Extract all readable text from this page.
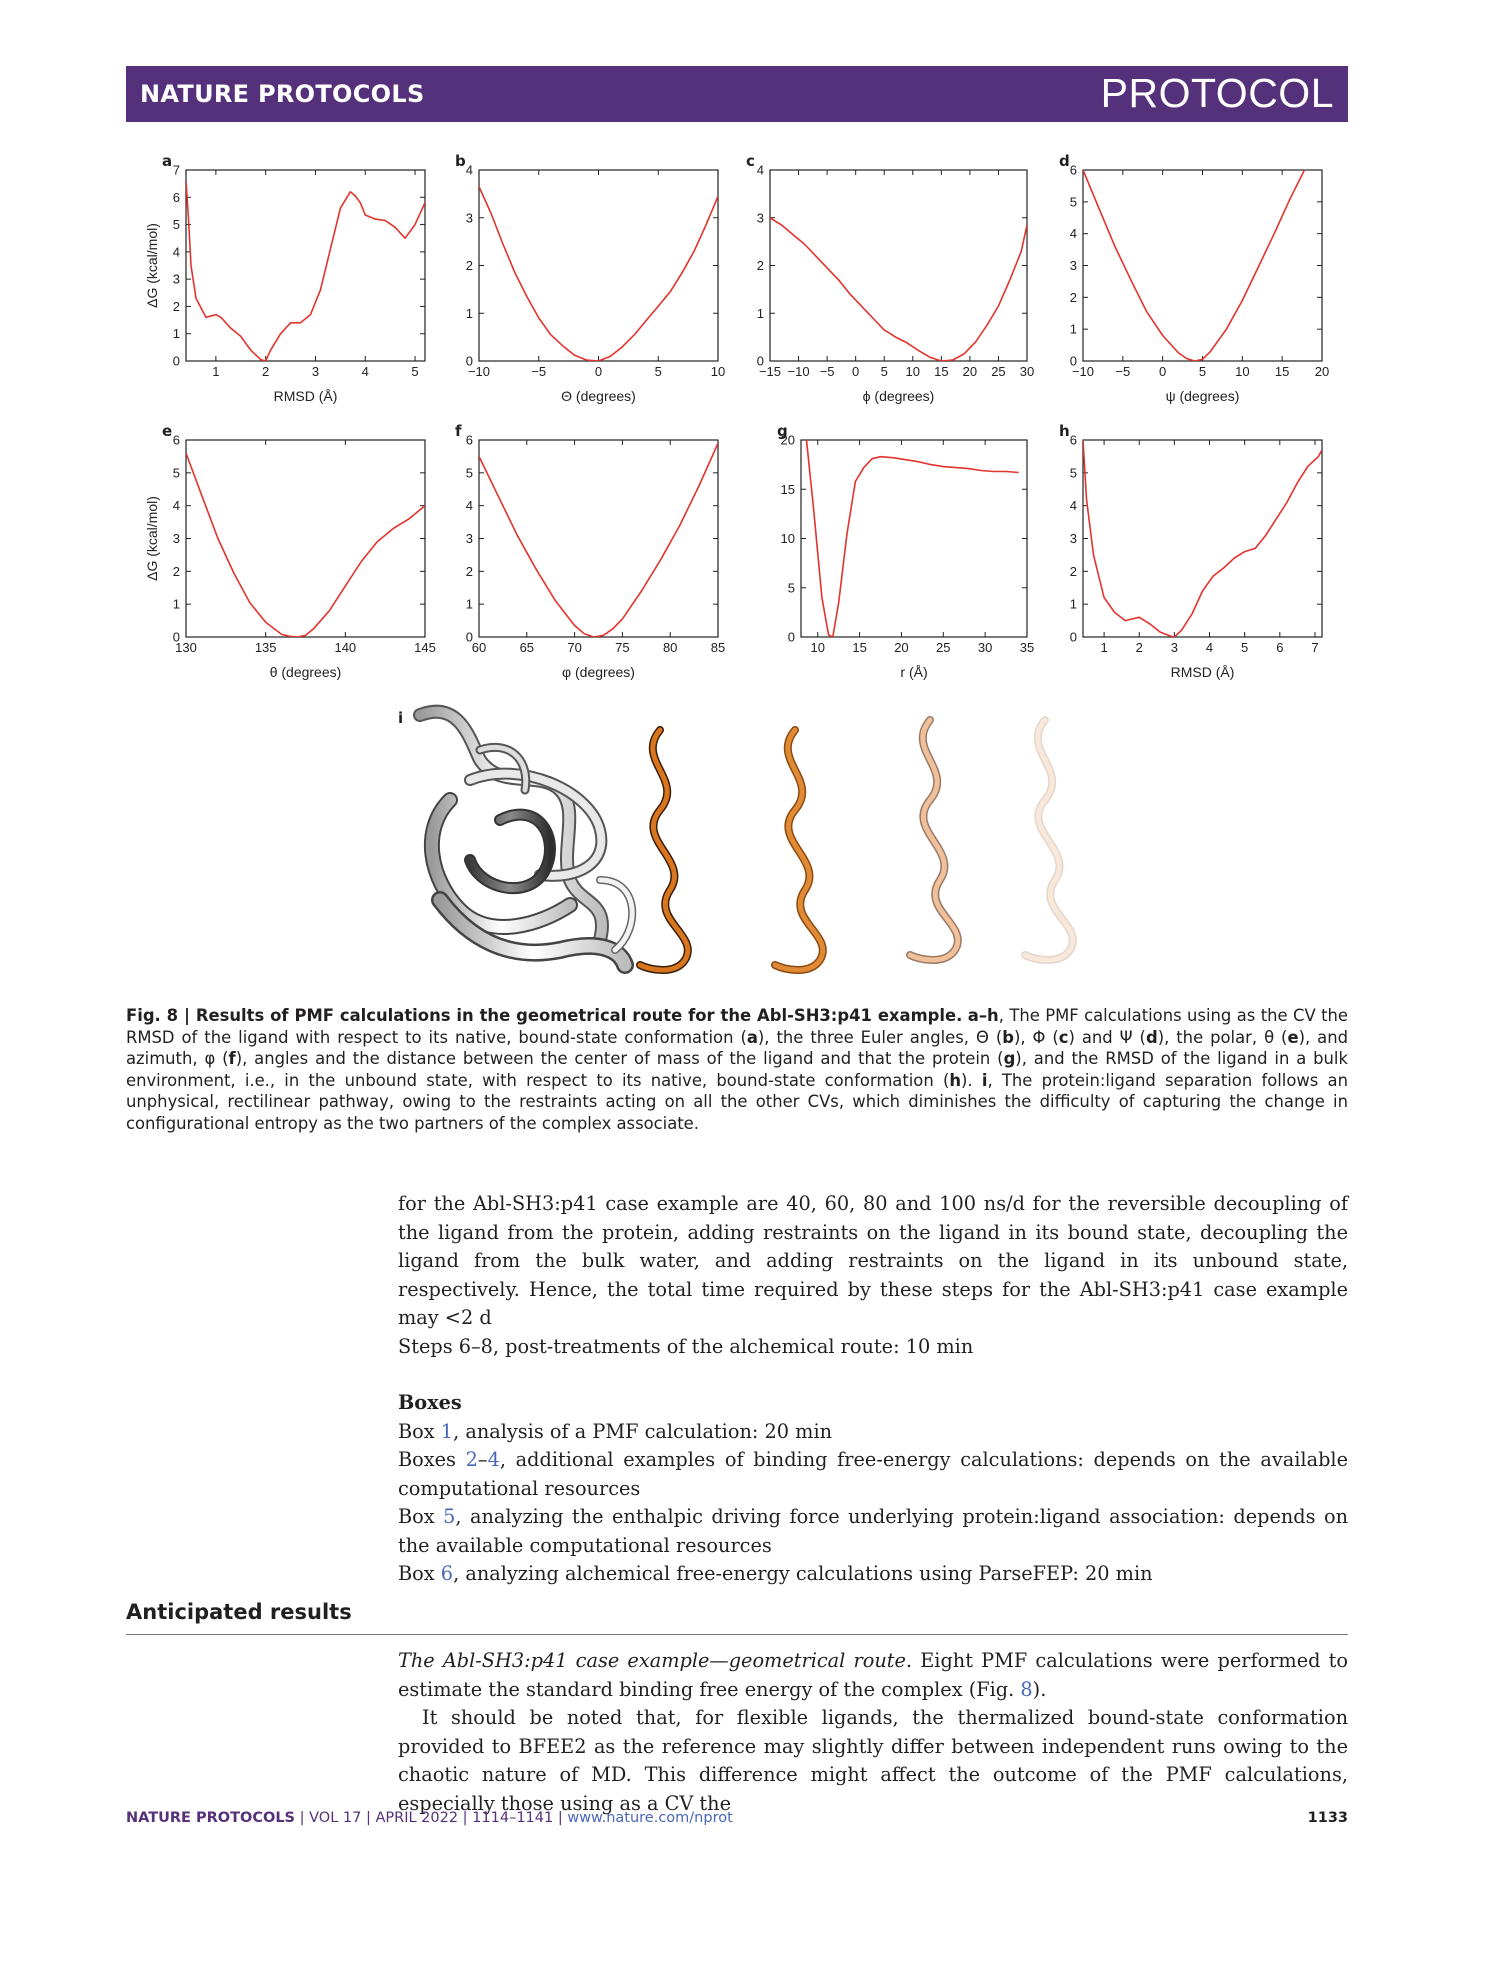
NATURE PROTOCOLS	PROTOCOL
a
0
1
2
3
4
5
6
7
1	2	3	4	5
RMSD (Å)
ΔG (kcal/mol)
b
0
1
2
3
4
−10	−5	0	5	10
Θ (degrees)
c
0
1
2
3
4
−15 −10 −5 0 5 10 15 20 25 30
ϕ (degrees)
d
0
1
2
3
4
5
6
−10 −5 0	5 10 15 20
ψ (degrees)
e
0
1
2
3
4
5
6
130	135	140	145
θ (degrees)
ΔG (kcal/mol)
f
0
1
2
3
4
5
6
60	65	70	75	80	85
φ (degrees)
g
0
5
10
15
20
10 15 20 25 30 35
r (Å)
h
0
1
2
3
4
5
6
1 2 3 4 5 6 7
RMSD (Å)
i
Fig. 8 | Results of PMF calculations in the geometrical route for the Abl-SH3:p41 example. a–h, The PMF calculations using as the CV the RMSD of the ligand with respect to its native, bound-state conformation (a), the three Euler angles, Θ (b), Φ (c) and Ψ (d), the polar, θ (e), and azimuth, φ (f), angles and the distance between the center of mass of the ligand and that the protein (g), and the RMSD of the ligand in a bulk environment, i.e., in the unbound state, with respect to its native, bound-state conformation (h). i, The protein:ligand separation follows an unphysical, rectilinear pathway, owing to the restraints acting on all the other CVs, which diminishes the difficulty of capturing the change in configurational entropy as the two partners of the complex associate.

for the Abl-SH3:p41 case example are 40, 60, 80 and 100 ns/d for the reversible decoupling of the ligand from the protein, adding restraints on the ligand in its bound state, decoupling the ligand from the bulk water, and adding restraints on the ligand in its unbound state, respectively. Hence, the total time required by these steps for the Abl-SH3:p41 case example may <2 d

Steps 6–8, post-treatments of the alchemical route: 10 min

Boxes

Box 1, analysis of a PMF calculation: 20 min

Boxes 2–4, additional examples of binding free-energy calculations: depends on the available computational resources

Box 5, analyzing the enthalpic driving force underlying protein:ligand association: depends on the available computational resources

Box 6, analyzing alchemical free-energy calculations using ParseFEP: 20 min

Anticipated results

The Abl-SH3:p41 case example—geometrical route. Eight PMF calculations were performed to estimate the standard binding free energy of the complex (Fig. 8).

It should be noted that, for flexible ligands, the thermalized bound-state conformation provided to BFEE2 as the reference may slightly differ between independent runs owing to the chaotic nature of MD. This difference might affect the outcome of the PMF calculations, especially those using as a CV the

NATURE PROTOCOLS | VOL 17 | APRIL 2022 | 1114–1141 | www.nature.com/nprot	1133
